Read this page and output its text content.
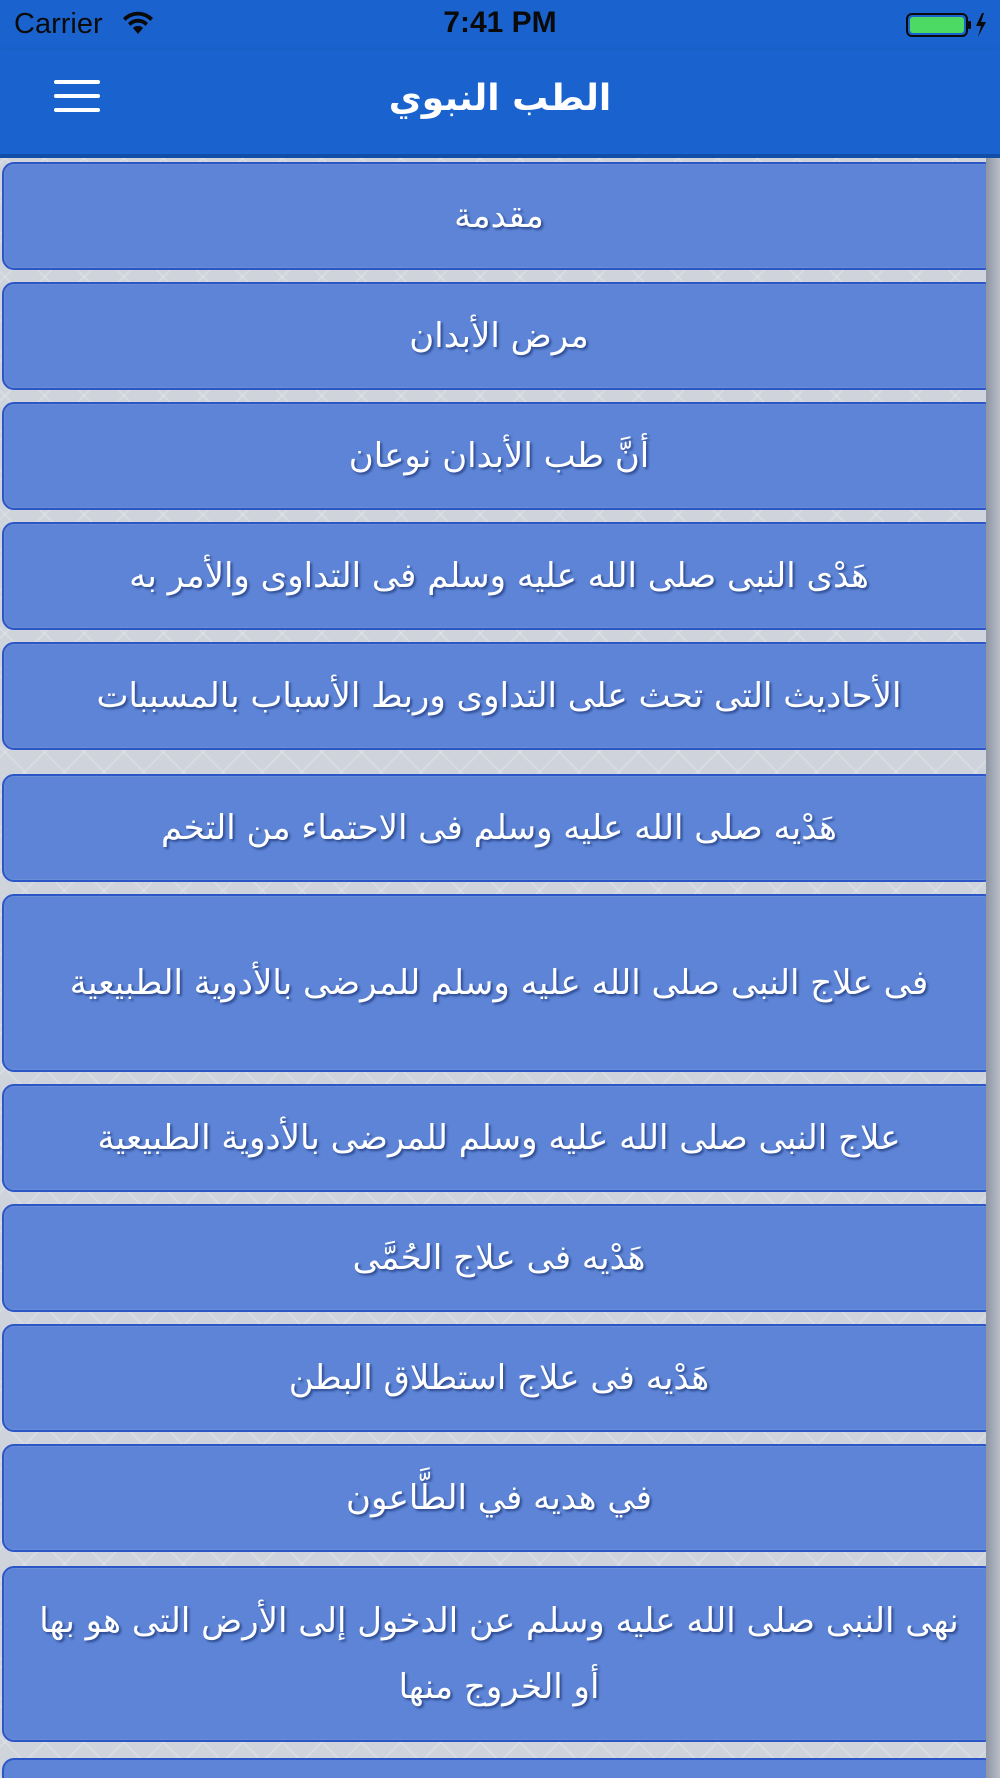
Carrier	7:41 PM
الطب النبوي
مقدمة
مرض الأبدان
أنَّ طب الأبدان نوعان
هَدْى النبى صلى الله عليه وسلم فى التداوى والأمر به
الأحاديث التى تحث على التداوى وربط الأسباب بالمسببات
هَدْيه صلى الله عليه وسلم فى الاحتماء من التخم
فى علاج النبى صلى الله عليه وسلم للمرضى بالأدوية الطبيعية
علاج النبى صلى الله عليه وسلم للمرضى بالأدوية الطبيعية
هَدْيه فى علاج الحُمَّى
هَدْيه فى علاج استطلاق البطن
في هديه في الطَّاعون
نهى النبى صلى الله عليه وسلم عن الدخول إلى الأرض التى هو بها أو الخروج منها
